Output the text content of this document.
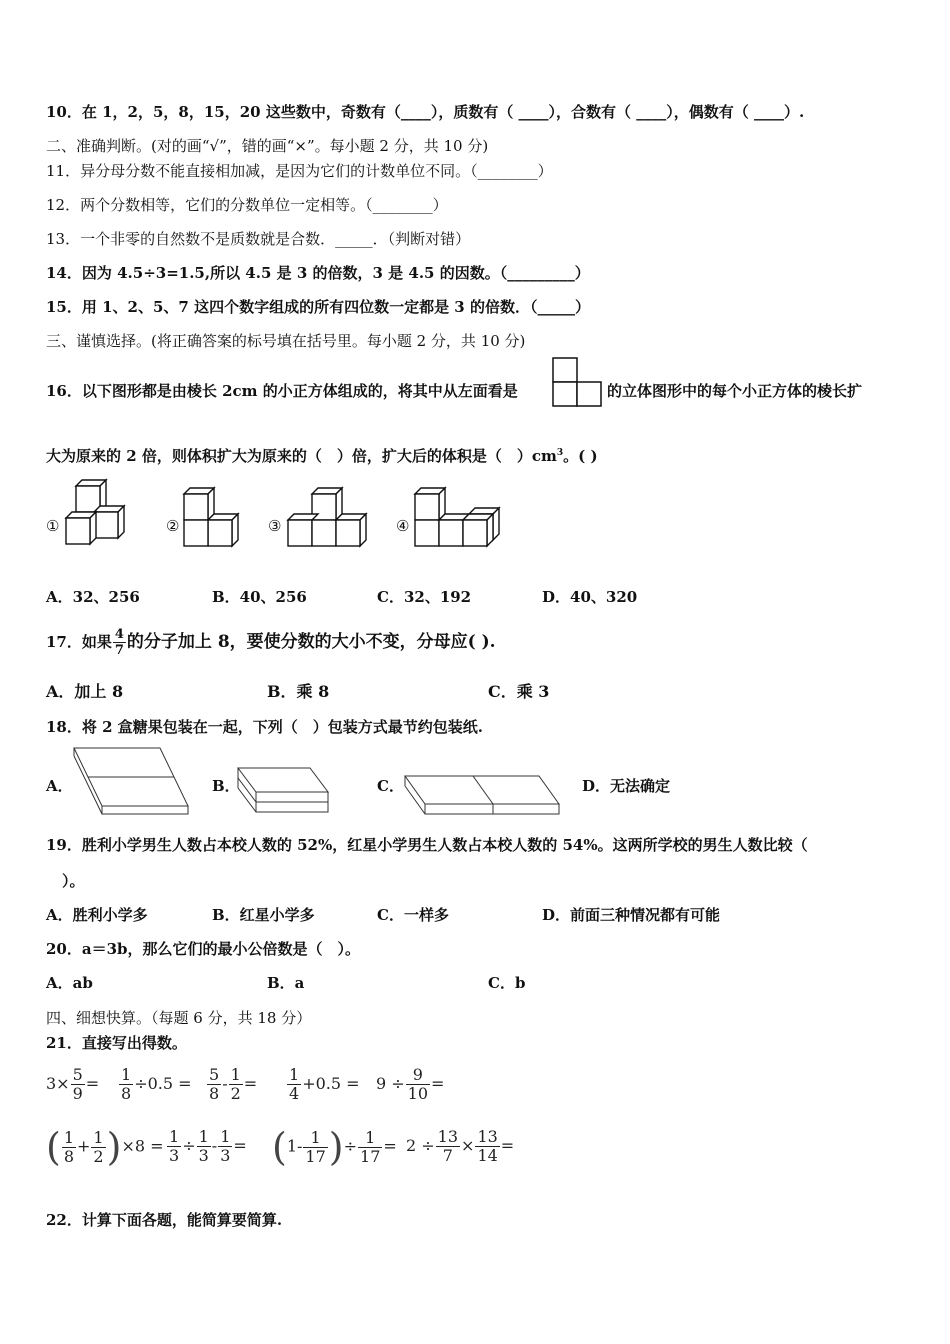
10．在 1，2，5，8，15，20 这些数中，奇数有（____），质数有（ ____），合数有（ ____），偶数有（ ____）.
二、准确判断。(对的画“√”，错的画“×”。每小题 2 分，共 10 分)
11．异分母分数不能直接相加减，是因为它们的计数单位不同。（________）
12．两个分数相等，它们的分数单位一定相等。（________）
13．一个非零的自然数不是质数就是合数．_____．（判断对错）
14．因为 4.5÷3=1.5,所以 4.5 是 3 的倍数，3 是 4.5 的因数。（_________）
15．用 1、2、5、7 这四个数字组成的所有四位数一定都是 3 的倍数．（_____）
三、谨慎选择。(将正确答案的标号填在括号里。每小题 2 分，共 10 分)
16．以下图形都是由棱长 2cm 的小正方体组成的，将其中从左面看是	的立体图形中的每个小正方体的棱长扩
大为原来的 2 倍，则体积扩大为原来的（　）倍，扩大后的体积是（　）$cm^3$。( )
①	②	③	④
A．32、256	B．40、256	C．32、192	D．40、320
17．如果 $\frac{4}{7}$ 的分子加上 8，要使分数的大小不变，分母应( ).
A．加上 8	B．乘 8	C．乘 3
18．将 2 盒糖果包装在一起，下列（　）包装方式最节约包装纸.
A．	B．	C．	D．无法确定
19．胜利小学男生人数占本校人数的 52%，红星小学男生人数占本校人数的 54%。这两所学校的男生人数比较（
）。
A．胜利小学多	B．红星小学多	C．一样多	D．前面三种情况都有可能
20．a＝3b，那么它们的最小公倍数是（　）。
A．ab	B．a	C．b
四、细想快算。（每题 6 分，共 18 分）
21．直接写出得数。
$3\times \frac{5}{9} = \frac{1}{8} \div 0.5 = \frac{5}{8} - \frac{1}{2} = \frac{1}{4} +0.5 = 9 \div \frac{9}{10}$ =
( $\frac{1}{8} + \frac{1}{2} )\times 8 = \frac{1}{3} \div \frac{1}{3} - \frac{1}{3} = (1- \frac{1}{17}$ )÷ $\frac{1}{17} = 2 \div \frac{13}{7} \times \frac{13}{14}$ =
22．计算下面各题，能简算要简算.
